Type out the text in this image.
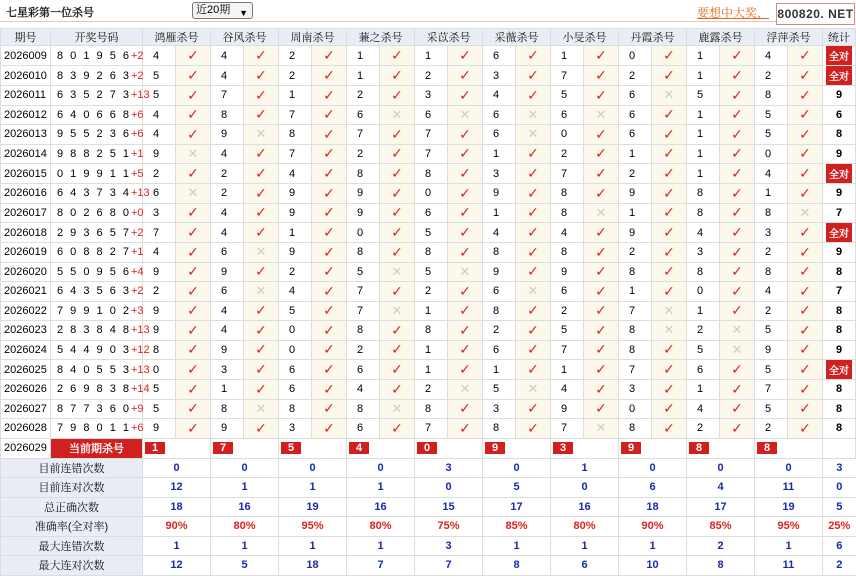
七星彩第一位杀号	近20期 ▼	要想中大奖， 800820. NET
期号	开奖号码	鸿雁杀号		谷风杀号		周南杀号		蒹之杀号		采苡杀号		采薇杀号		小旻杀号		丹霞杀号		鹿露杀号		浮萍杀号		统计
2026009	8 0 1 9 5 6+2	4	✓	4	✓	2	✓	1	✓	1	✓	6	✓	1	✓	0	✓	1	✓	4	✓	全对
2026010	8 3 9 2 6 3+2	5	✓	4	✓	2	✓	1	✓	2	✓	3	✓	7	✓	2	✓	1	✓	2	✓	全对
2026011	6 3 5 2 7 3+13	5	✓	7	✓	1	✓	2	✓	3	✓	4	✓	5	✓	6	✕	5	✓	8	✓	9
2026012	6 4 0 6 6 8+6	4	✓	8	✓	7	✓	6	✕	6	✕	6	✕	6	✕	6	✓	1	✓	5	✓	6
2026013	9 5 5 2 3 6+6	4	✓	9	✕	8	✓	7	✓	7	✓	6	✕	0	✓	6	✓	1	✓	5	✓	8
2026014	9 8 8 2 5 1+1	9	✕	4	✓	7	✓	2	✓	7	✓	1	✓	2	✓	1	✓	1	✓	0	✓	9
2026015	0 1 9 9 1 1+5	2	✓	2	✓	4	✓	8	✓	8	✓	3	✓	7	✓	2	✓	1	✓	4	✓	全对
2026016	6 4 3 7 3 4+13	6	✕	2	✓	9	✓	9	✓	0	✓	9	✓	8	✓	9	✓	8	✓	1	✓	9
2026017	8 0 2 6 8 0+0	3	✓	4	✓	9	✓	9	✓	6	✓	1	✓	8	✕	1	✓	8	✓	8	✕	7
2026018	2 9 3 6 5 7+2	7	✓	4	✓	1	✓	0	✓	5	✓	4	✓	4	✓	9	✓	4	✓	3	✓	全对
2026019	6 0 8 8 2 7+1	4	✓	6	✕	9	✓	8	✓	8	✓	8	✓	8	✓	2	✓	3	✓	2	✓	9
2026020	5 5 0 9 5 6+4	9	✓	9	✓	2	✓	5	✕	5	✕	9	✓	9	✓	8	✓	8	✓	8	✓	8
2026021	6 4 3 5 6 3+2	2	✓	6	✕	4	✓	7	✓	2	✓	6	✕	6	✓	1	✓	0	✓	4	✓	7
2026022	7 9 9 1 0 2+3	9	✓	4	✓	5	✓	7	✕	1	✓	8	✓	2	✓	7	✕	1	✓	2	✓	8
2026023	2 8 3 8 4 8+13	9	✓	4	✓	0	✓	8	✓	8	✓	2	✓	5	✓	8	✕	2	✕	5	✓	8
2026024	5 4 4 9 0 3+12	8	✓	9	✓	0	✓	2	✓	1	✓	6	✓	7	✓	8	✓	5	✕	9	✓	9
2026025	8 4 0 5 5 3+13	0	✓	3	✓	6	✓	6	✓	1	✓	1	✓	1	✓	7	✓	6	✓	5	✓	全对
2026026	2 6 9 8 3 8+14	5	✓	1	✓	6	✓	4	✓	2	✕	5	✕	4	✓	3	✓	1	✓	7	✓	8
2026027	8 7 7 3 6 0+9	5	✓	8	✕	8	✓	8	✕	8	✓	3	✓	9	✓	0	✓	4	✓	5	✓	8
2026028	7 9 8 0 1 1+6	9	✓	9	✓	3	✓	6	✓	7	✓	8	✓	7	✕	8	✓	2	✓	2	✓	8
2026029	当前期杀号	1		7		5		4		0		9		3		9		8		8		
目前连错次数		0		0		0		0		3		0		1		0		0		0		3
目前连对次数		12		1		1		1		0		5		0		6		4		11		0
总正确次数		18		16		19		16		15		17		16		18		17		19		5
准确率(全对率)		90%		80%		95%		80%		75%		85%		80%		90%		85%		95%		25%
最大连错次数		1		1		1		1		3		1		1		1		2		1		6
最大连对次数		12		5		18		7		7		8		6		10		8		11		2
